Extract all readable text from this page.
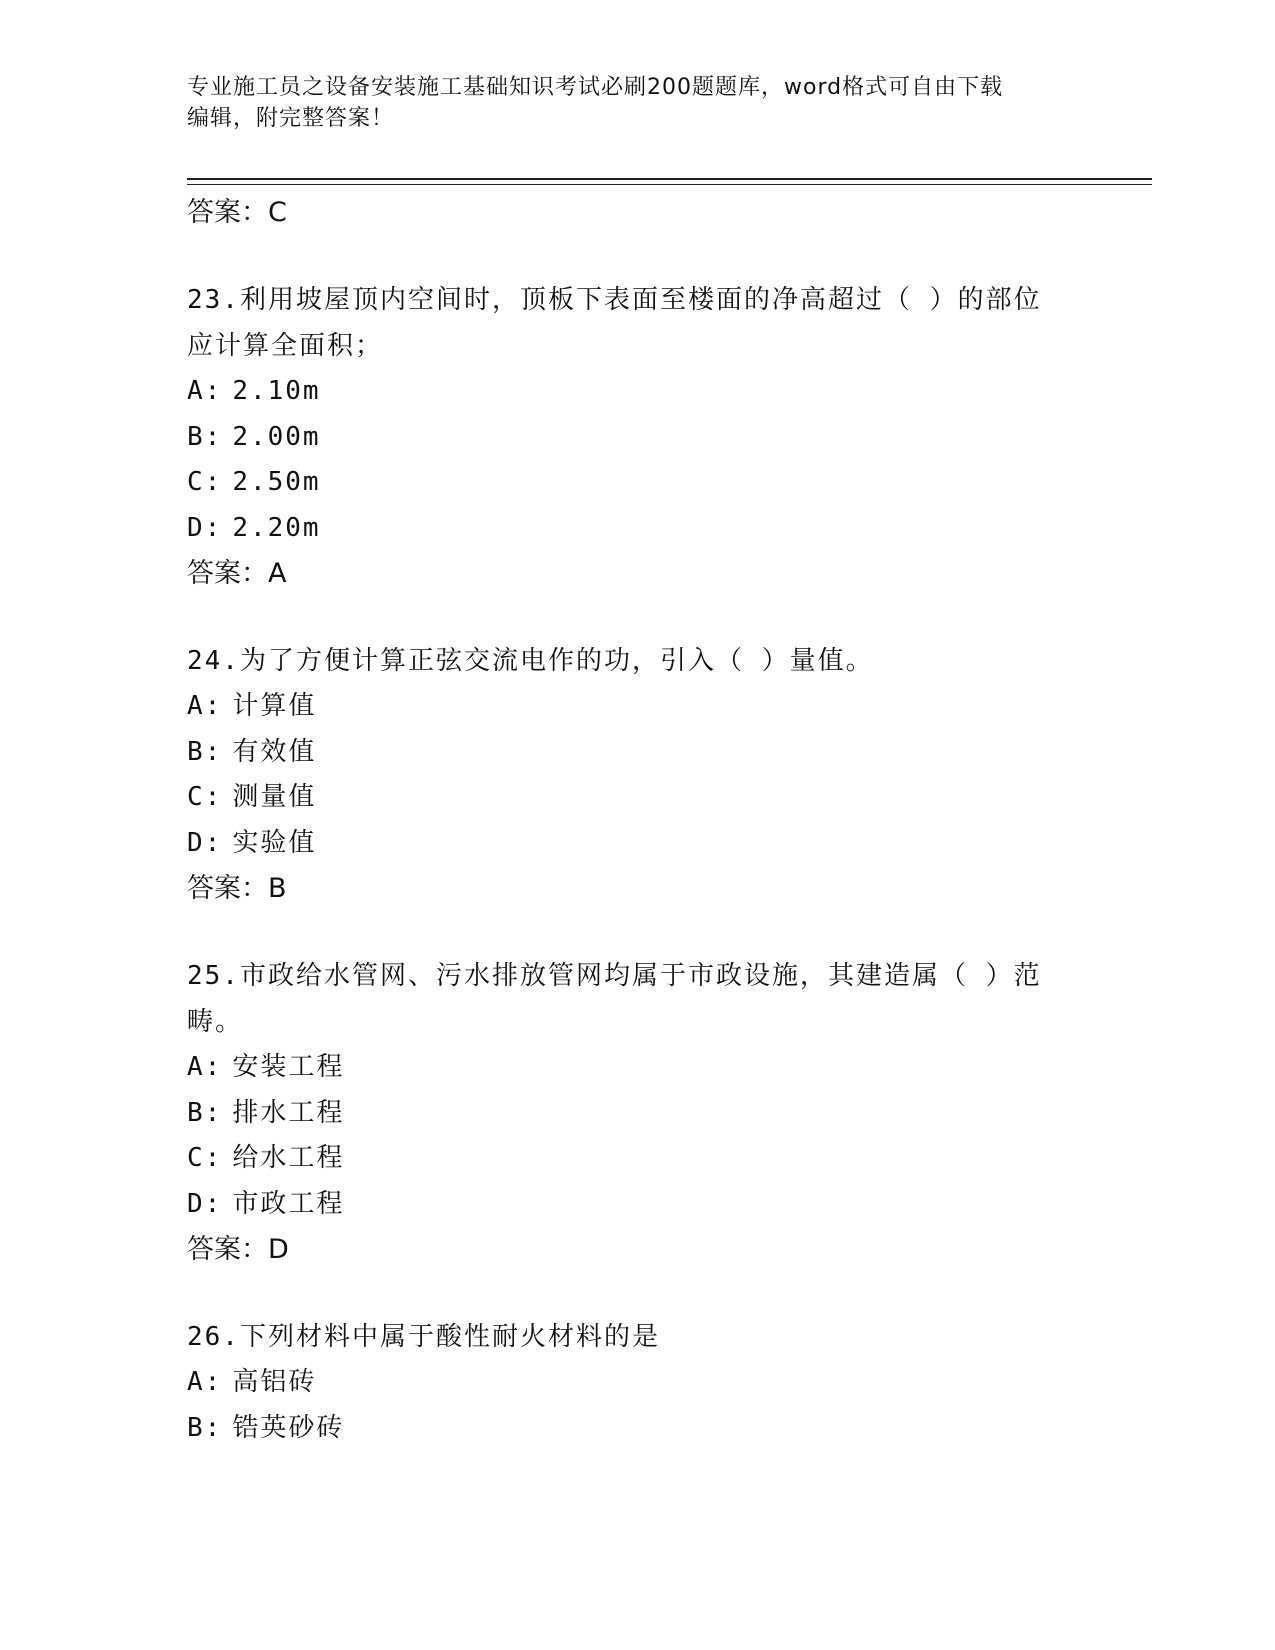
专业施工员之设备安装施工基础知识考试必刷200题题库，word格式可自由下载
编辑，附完整答案！
答案：C
23.利用坡屋顶内空间时，顶板下表面至楼面的净高超过（ ）的部位
应计算全面积；
A: 2.10m
B: 2.00m
C: 2.50m
D: 2.20m
答案：A
24.为了方便计算正弦交流电作的功，引入（ ）量值。
A: 计算值
B: 有效值
C: 测量值
D: 实验值
答案：B
25.市政给水管网、污水排放管网均属于市政设施，其建造属（ ）范
畴。
A: 安装工程
B: 排水工程
C: 给水工程
D: 市政工程
答案：D
26.下列材料中属于酸性耐火材料的是
A: 高铝砖
B: 锆英砂砖
